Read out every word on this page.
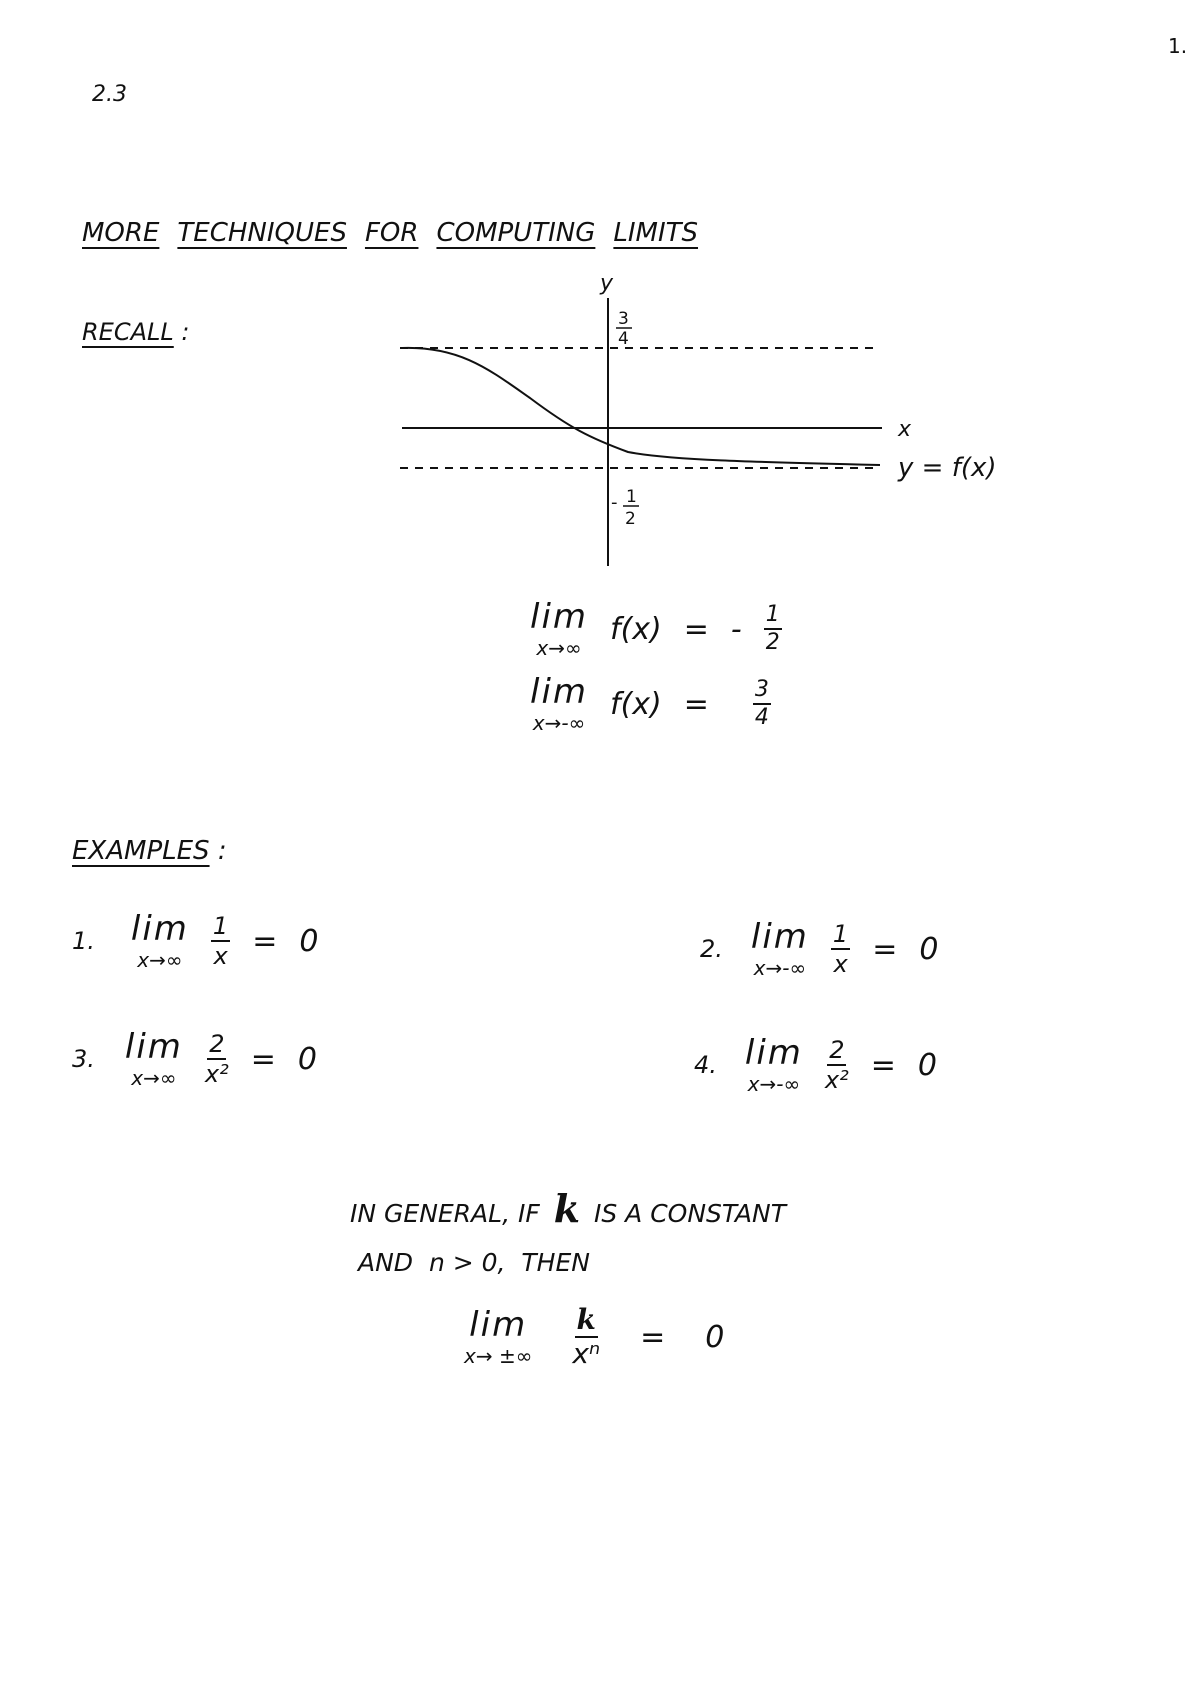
2.3
1.
MORE TECHNIQUES FOR COMPUTING LIMITS
RECALL :
y
x
y = f(x)
3
4
- 1
2
lim
x→∞
f(x) = - $\frac{1}{2}$
lim
x→-∞
$f(x) = \frac{3}{4}$
EXAMPLES :
1. lim
$x\to\infty \frac{1}{x} = 0$	2. lim
$x\to-\infty \frac{1}{x} = 0$
3. lim
$x\to\infty \frac{2}{\text{x²}} = 0$	4. lim
$x\to-\infty \frac{2}{\text{x²}} = 0$
IN GENERAL, IF k IS A CONSTANT
AND  n > 0,  THEN
lim
x→ ±∞ $\frac{k}{\text{xⁿ}} = 0$
